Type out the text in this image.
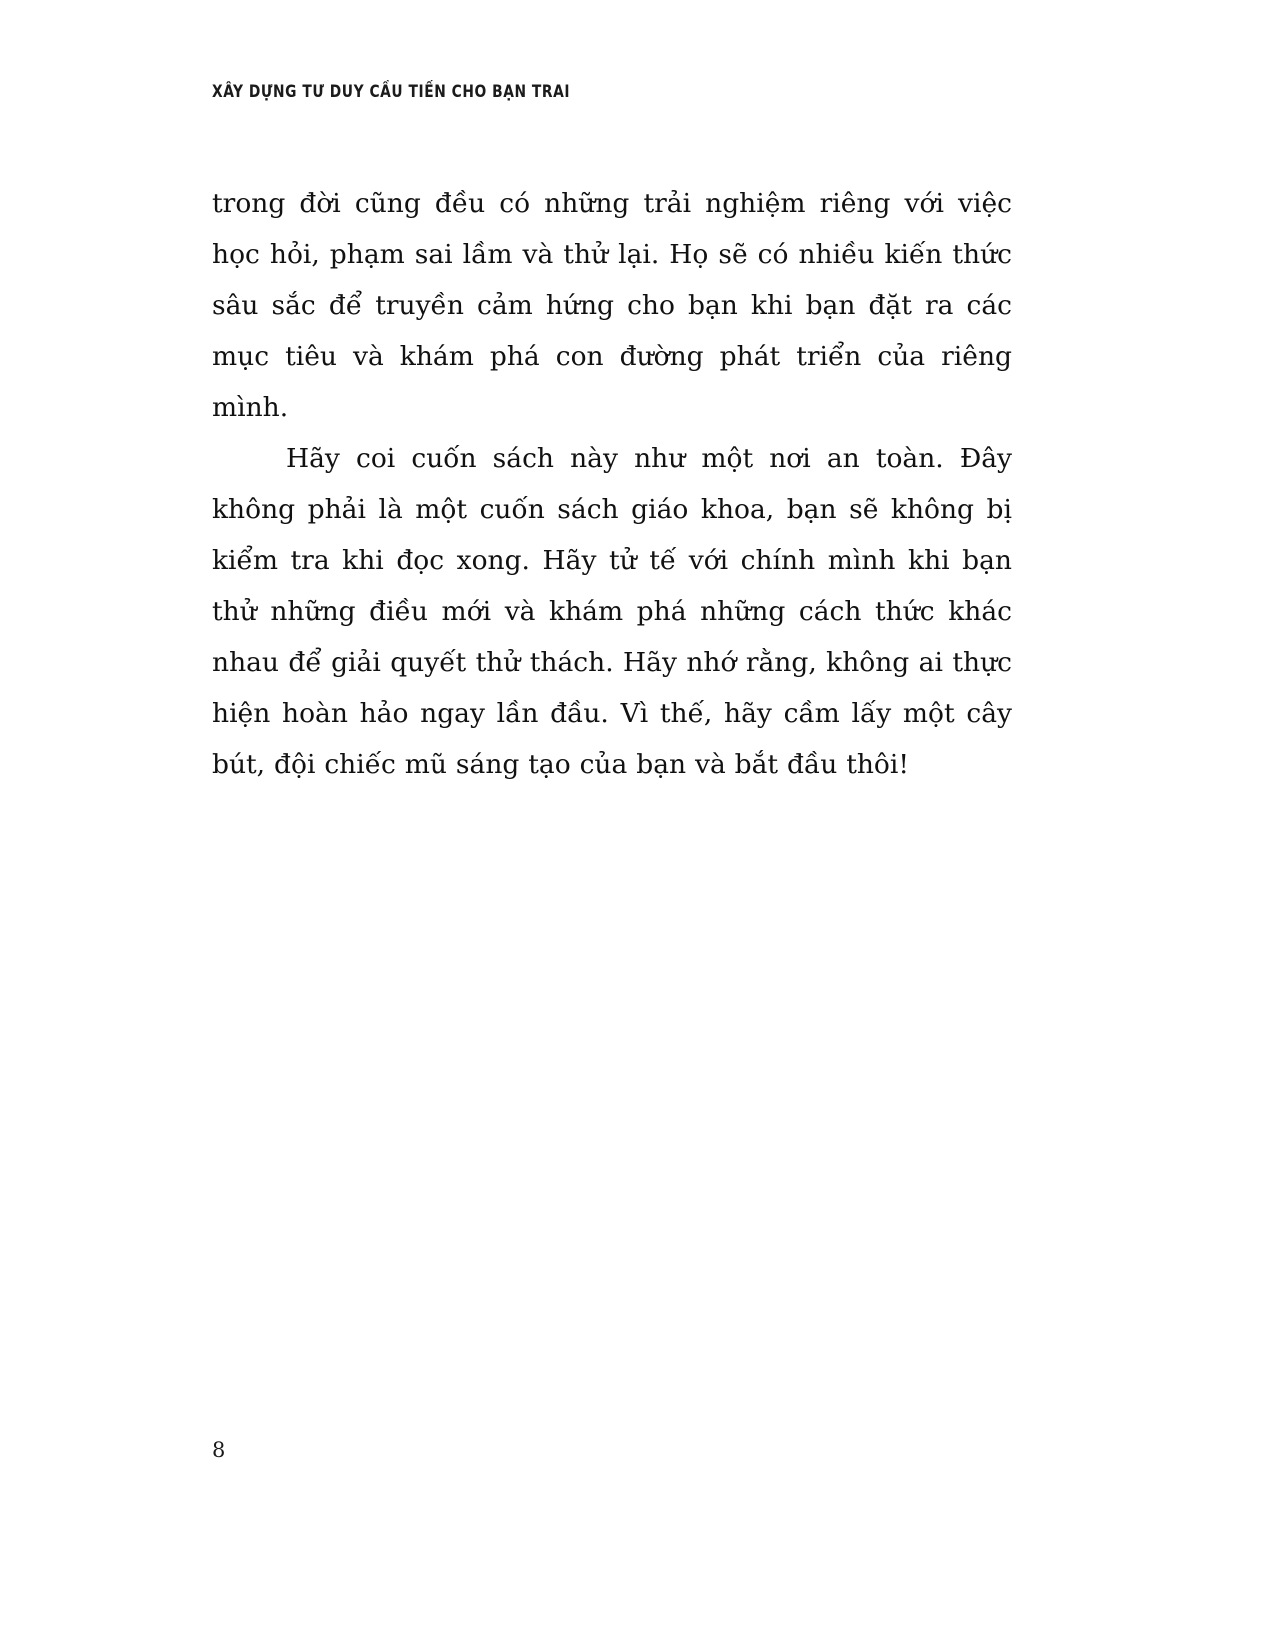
XÂY DỰNG TƯ DUY CẦU TIẾN CHO BẠN TRAI

trong đời cũng đều có những trải nghiệm riêng với việc học hỏi, phạm sai lầm và thử lại. Họ sẽ có nhiều kiến thức sâu sắc để truyền cảm hứng cho bạn khi bạn đặt ra các mục tiêu và khám phá con đường phát triển của riêng mình.

Hãy coi cuốn sách này như một nơi an toàn. Đây không phải là một cuốn sách giáo khoa, bạn sẽ không bị kiểm tra khi đọc xong. Hãy tử tế với chính mình khi bạn thử những điều mới và khám phá những cách thức khác nhau để giải quyết thử thách. Hãy nhớ rằng, không ai thực hiện hoàn hảo ngay lần đầu. Vì thế, hãy cầm lấy một cây bút, đội chiếc mũ sáng tạo của bạn và bắt đầu thôi!

8
